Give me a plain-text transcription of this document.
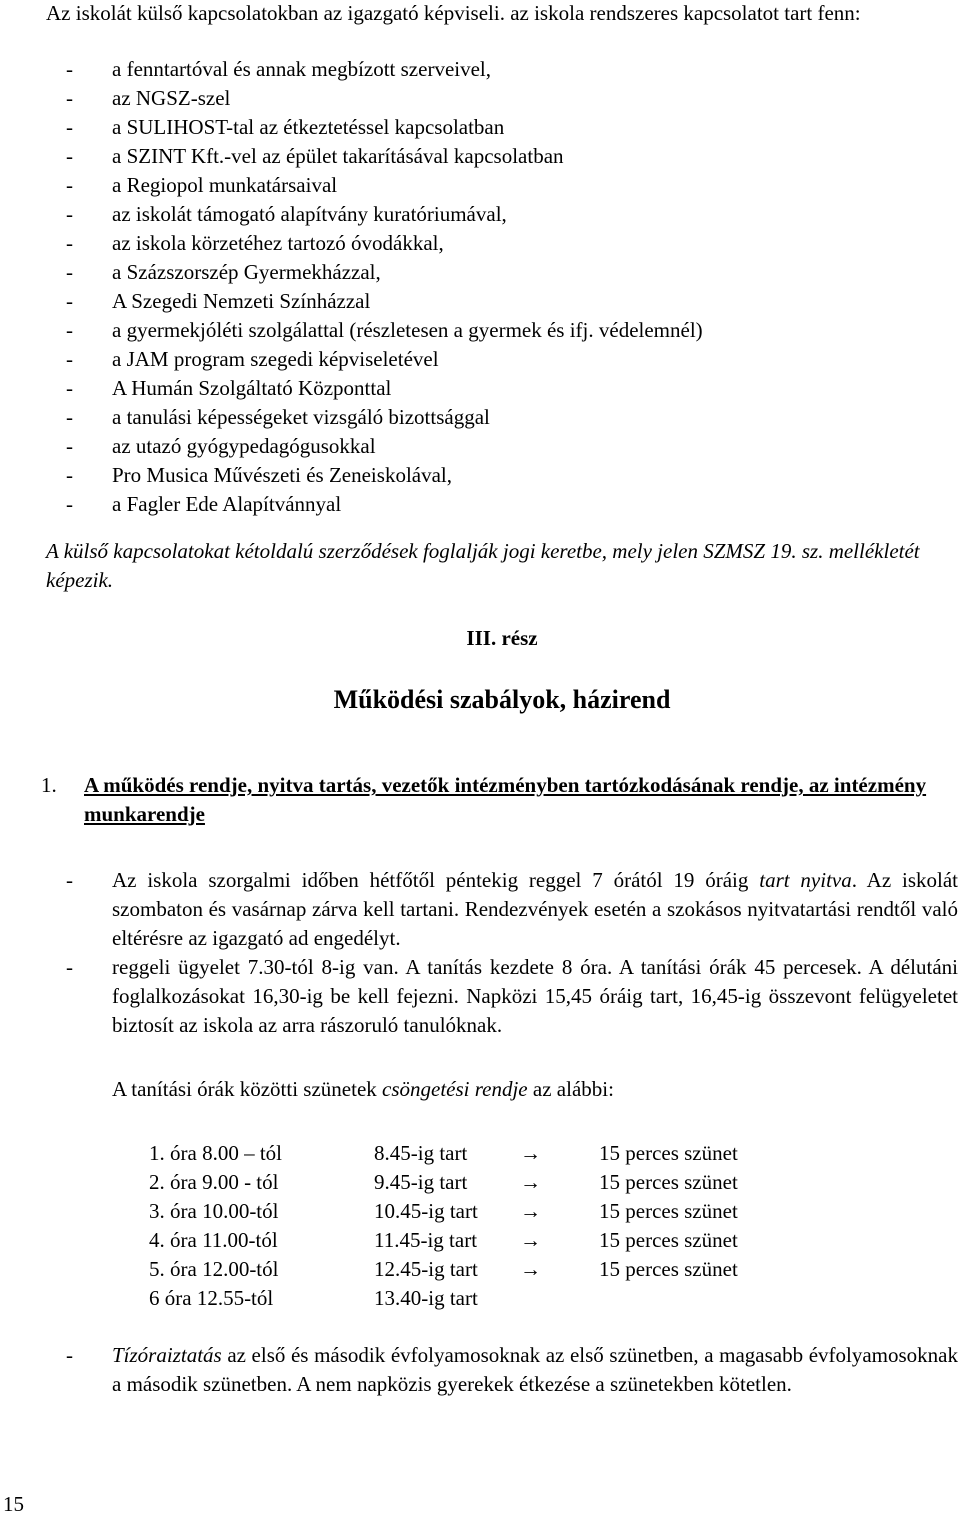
Az iskolát külső kapcsolatokban az igazgató képviseli. az iskola rendszeres kapcsolatot tart fenn:

- a fenntartóval és annak megbízott szerveivel,
- az NGSZ-szel
- a SULIHOST-tal az étkeztetéssel kapcsolatban
- a SZINT Kft.-vel az épület takarításával kapcsolatban
- a Regiopol munkatársaival
- az iskolát támogató alapítvány kuratóriumával,
- az iskola körzetéhez tartozó óvodákkal,
- a Százszorszép Gyermekházzal,
- A Szegedi Nemzeti Színházzal
- a gyermekjóléti szolgálattal (részletesen a gyermek és ifj. védelemnél)
- a JAM program szegedi képviseletével
- A Humán Szolgáltató Központtal
- a tanulási képességeket vizsgáló bizottsággal
- az utazó gyógypedagógusokkal
- Pro Musica Művészeti és Zeneiskolával,
- a Fagler Ede Alapítvánnyal

A külső kapcsolatokat kétoldalú szerződések foglalják jogi keretbe, mely jelen SZMSZ 19. sz. mellékletét képezik.

III. rész

Működési szabályok, házirend

1. A működés rendje, nyitva tartás, vezetők intézményben tartózkodásának rendje, az intézmény munkarendje

- Az iskola szorgalmi időben hétfőtől péntekig reggel 7 órától 19 óráig tart nyitva. Az iskolát szombaton és vasárnap zárva kell tartani. Rendezvények esetén a szokásos nyitvatartási rendtől való eltérésre az igazgató ad engedélyt.

- reggeli ügyelet 7.30-tól 8-ig van. A tanítás kezdete 8 óra. A tanítási órák 45 percesek. A délutáni foglalkozásokat 16,30-ig be kell fejezni. Napközi 15,45 óráig tart, 16,45-ig összevont felügyeletet biztosít az iskola az arra rászoruló tanulóknak.

A tanítási órák közötti szünetek csöngetési rendje az alábbi:

1. óra 8.00 – tól	8.45-ig tart	→	15 perces szünet
2. óra 9.00 - tól	9.45-ig tart	→	15 perces szünet
3. óra 10.00-tól	10.45-ig tart	→	15 perces szünet
4. óra 11.00-tól	11.45-ig tart	→	15 perces szünet
5. óra 12.00-tól	12.45-ig tart	→	15 perces szünet
6 óra 12.55-tól	13.40-ig tart		

- Tízóraiztatás az első és második évfolyamosoknak az első szünetben, a magasabb évfolyamosoknak a második szünetben. A nem napközis gyerekek étkezése a szünetekben kötetlen.

15
